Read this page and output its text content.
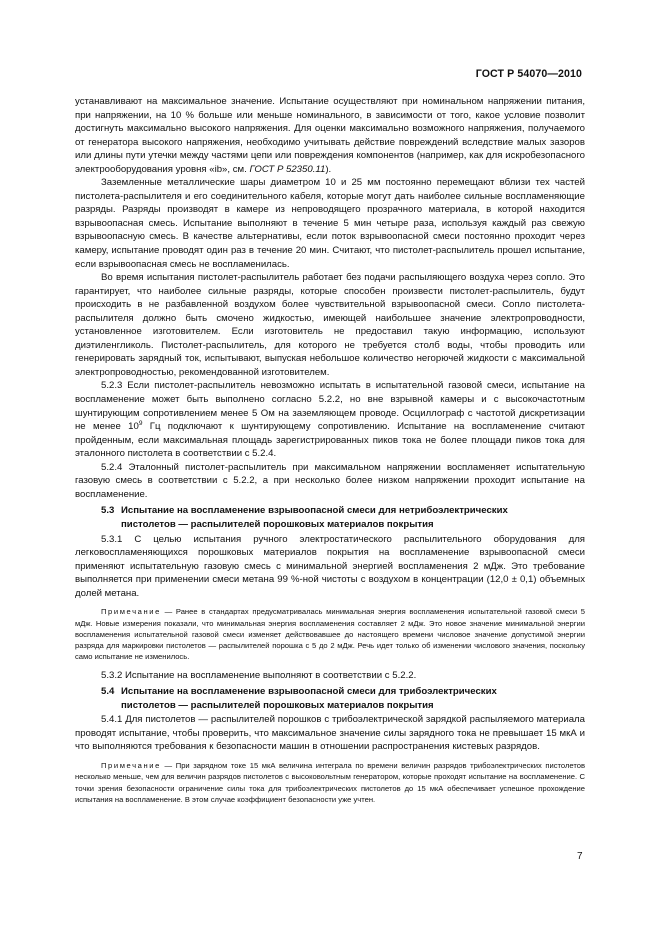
ГОСТ Р 54070—2010

устанавливают на максимальное значение. Испытание осуществляют при номинальном напряжении питания, при напряжении, на 10 % больше или меньше номинального, в зависимости от того, какое условие позволит достигнуть максимально высокого напряжения. Для оценки максимально возможного напряжения, получаемого от генератора высокого напряжения, необходимо учитывать действие повреждений вследствие малых зазоров или длины пути утечки между частями цепи или повреждения компонентов (например, как для искробезопасного электрооборудования уровня «ib», см. ГОСТ Р 52350.11).

Заземленные металлические шары диаметром 10 и 25 мм постоянно перемещают вблизи тех частей пистолета-распылителя и его соединительного кабеля, которые могут дать наиболее сильные воспламеняющие разряды. Разряды производят в камере из непроводящего прозрачного материала, в которой находится взрывоопасная смесь. Испытание выполняют в течение 5 мин четыре раза, используя каждый раз свежую взрывоопасную смесь. В качестве альтернативы, если поток взрывоопасной смеси постоянно проходит через камеру, испытание проводят один раз в течение 20 мин. Считают, что пистолет-распылитель прошел испытание, если взрывоопасная смесь не воспламенилась.

Во время испытания пистолет-распылитель работает без подачи распыляющего воздуха через сопло. Это гарантирует, что наиболее сильные разряды, которые способен произвести пистолет-распылитель, будут происходить в не разбавленной воздухом более чувствительной взрывоопасной смеси. Сопло пистолета-распылителя должно быть смочено жидкостью, имеющей наибольшее значение электропроводности, установленное изготовителем. Если изготовитель не предоставил такую информацию, используют диэтиленгликоль. Пистолет-распылитель, для которого не требуется столб воды, чтобы проводить или генерировать зарядный ток, испытывают, выпуская небольшое количество негорючей жидкости с максимальной электропроводностью, рекомендованной изготовителем.

5.2.3 Если пистолет-распылитель невозможно испытать в испытательной газовой смеси, испытание на воспламенение может быть выполнено согласно 5.2.2, но вне взрывной камеры и с высокочастотным шунтирующим сопротивлением менее 5 Ом на заземляющем проводе. Осциллограф с частотой дискретизации не менее $10^9$ Гц подключают к шунтирующему сопротивлению. Испытание на воспламенение считают пройденным, если максимальная площадь зарегистрированных пиков тока не более площади пиков тока для эталонного пистолета в соответствии с 5.2.4.

5.2.4 Эталонный пистолет-распылитель при максимальном напряжении воспламеняет испытательную газовую смесь в соответствии с 5.2.2, а при несколько более низком напряжении проходит испытание на воспламенение.

5.3 Испытание на воспламенение взрывоопасной смеси для нетрибоэлектрических
пистолетов — распылителей порошковых материалов покрытия

5.3.1 С целью испытания ручного электростатического распылительного оборудования для легковоспламеняющихся порошковых материалов покрытия на воспламенение взрывоопасной смеси применяют испытательную газовую смесь с минимальной энергией воспламенения 2 мДж. Это требование выполняется при применении смеси метана 99 %-ной чистоты с воздухом в концентрации (12,0 ± 0,1) объемных долей метана.

Примечание — Ранее в стандартах предусматривалась минимальная энергия воспламенения испытательной газовой смеси 5 мДж. Новые измерения показали, что минимальная энергия воспламенения составляет 2 мДж. Это новое значение минимальной энергии воспламенения испытательной газовой смеси изменяет действовавшее до настоящего времени числовое значение допустимой энергии разряда для маркировки пистолетов — распылителей порошка с 5 до 2 мДж. Речь идет только об изменении числового значения, поскольку само испытание не изменилось.

5.3.2 Испытание на воспламенение выполняют в соответствии с 5.2.2.

5.4 Испытание на воспламенение взрывоопасной смеси для трибоэлектрических
пистолетов — распылителей порошковых материалов покрытия

5.4.1 Для пистолетов — распылителей порошков с трибоэлектрической зарядкой распыляемого материала проводят испытание, чтобы проверить, что максимальное значение силы зарядного тока не превышает 15 мкА и что выполняются требования к безопасности машин в отношении распространения кистевых разрядов.

Примечание — При зарядном токе 15 мкА величина интеграла по времени величин разрядов трибоэлектрических пистолетов несколько меньше, чем для величин разрядов пистолетов с высоковольтным генератором, которые проходят испытание на воспламенение. С точки зрения безопасности ограничение силы тока для трибоэлектрических пистолетов до 15 мкА обеспечивает успешное прохождение испытания на воспламенение. В этом случае коэффициент безопасности уже учтен.

7
